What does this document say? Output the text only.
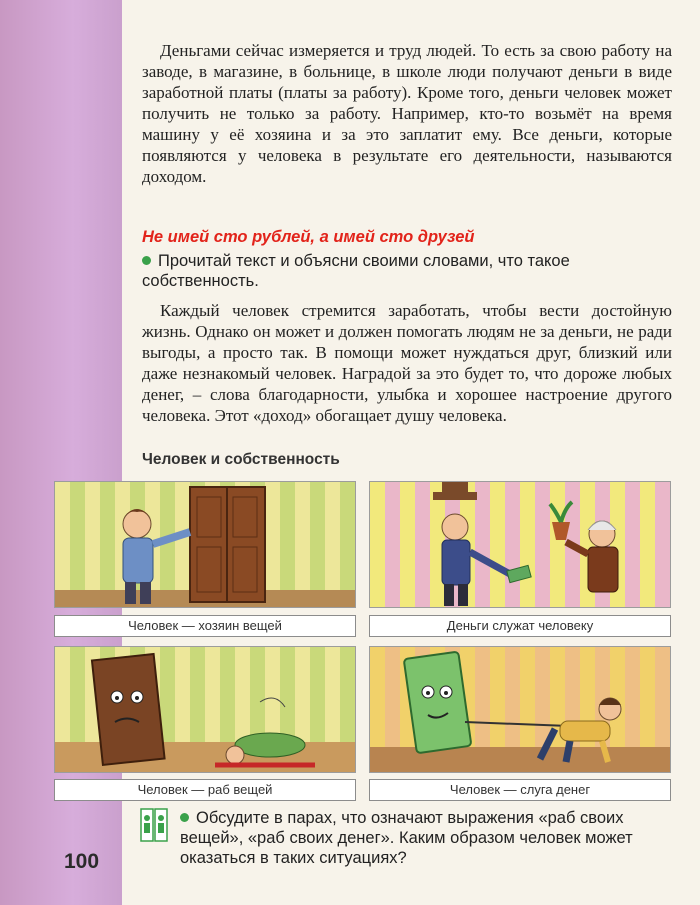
100

Деньгами сейчас измеряется и труд людей. То есть за свою работу на заводе, в магазине, в больнице, в школе люди получают деньги в виде заработной платы (платы за работу). Кроме того, деньги человек может получить не только за работу. Например, кто-то возьмёт на время машину у её хозяина и за это заплатит ему. Все деньги, которые появляются у человека в результате его деятельности, называются доходом.

Не имей сто рублей, а имей сто друзей
Прочитай текст и объясни своими словами, что такое собственность.

Каждый человек стремится заработать, чтобы вести достойную жизнь. Однако он может и должен помогать людям не за деньги, не ради выгоды, а просто так. В помощи может нуждаться друг, близкий или даже незнакомый человек. Наградой за это будет то, что дороже любых денег, – слова благодарности, улыбка и хорошее настроение другого человека. Этот «доход» обогащает душу человека.

Человек и собственность
Человек — хозяин вещей	Деньги служат человеку
Человек — раб вещей	Человек — слуга денег
Обсудите в парах, что означают выражения «раб своих вещей», «раб своих денег». Каким образом человек может оказаться в таких ситуациях?
